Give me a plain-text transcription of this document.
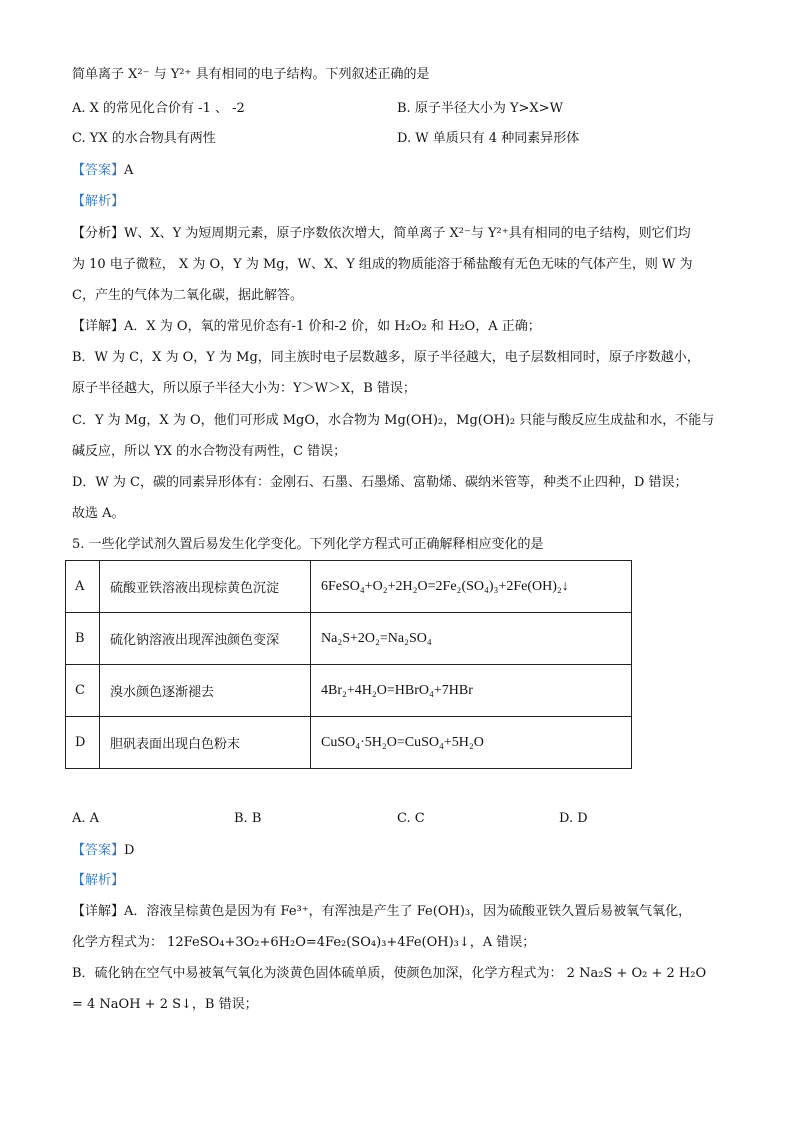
简单离子 X²⁻ 与 Y²⁺ 具有相同的电子结构。下列叙述正确的是
A. X 的常见化合价有 -1 、 -2	B. 原子半径大小为 Y>X>W
C. YX 的水合物具有两性	D. W 单质只有 4 种同素异形体
【答案】A
【解析】
【分析】W、X、Y 为短周期元素，原子序数依次增大，简单离子 X²⁻与 Y²⁺具有相同的电子结构，则它们均
为 10 电子微粒， X 为 O，Y 为 Mg，W、X、Y 组成的物质能溶于稀盐酸有无色无味的气体产生，则 W 为
C，产生的气体为二氧化碳，据此解答。
【详解】A．X 为 O，氧的常见价态有-1 价和-2 价，如 H₂O₂ 和 H₂O，A 正确；
B．W 为 C，X 为 O，Y 为 Mg，同主族时电子层数越多，原子半径越大，电子层数相同时，原子序数越小，
原子半径越大，所以原子半径大小为：Y＞W＞X，B 错误；
C．Y 为 Mg，X 为 O，他们可形成 MgO，水合物为 Mg(OH)₂，Mg(OH)₂ 只能与酸反应生成盐和水，不能与
碱反应，所以 YX 的水合物没有两性，C 错误；
D．W 为 C，碳的同素异形体有：金刚石、石墨、石墨烯、富勒烯、碳纳米管等，种类不止四种，D 错误；
故选 A。
5. 一些化学试剂久置后易发生化学变化。下列化学方程式可正确解释相应变化的是
A	硫酸亚铁溶液出现棕黄色沉淀	6FeSO₄+O₂+2H₂O=2Fe₂(SO₄)₃+2Fe(OH)₂↓
B	硫化钠溶液出现浑浊颜色变深	Na₂S+2O₂=Na₂SO₄
C	溴水颜色逐渐褪去	4Br₂+4H₂O=HBrO₄+7HBr
D	胆矾表面出现白色粉末	CuSO₄·5H₂O=CuSO₄+5H₂O
A. A	B. B	C. C	D. D
【答案】D
【解析】
【详解】A．溶液呈棕黄色是因为有 Fe³⁺，有浑浊是产生了 Fe(OH)₃，因为硫酸亚铁久置后易被氧气氧化，
化学方程式为： 12FeSO₄+3O₂+6H₂O=4Fe₂(SO₄)₃+4Fe(OH)₃↓，A 错误；
B．硫化钠在空气中易被氧气氧化为淡黄色固体硫单质，使颜色加深，化学方程式为： 2 Na₂S + O₂ + 2 H₂O
= 4 NaOH + 2 S↓，B 错误；
